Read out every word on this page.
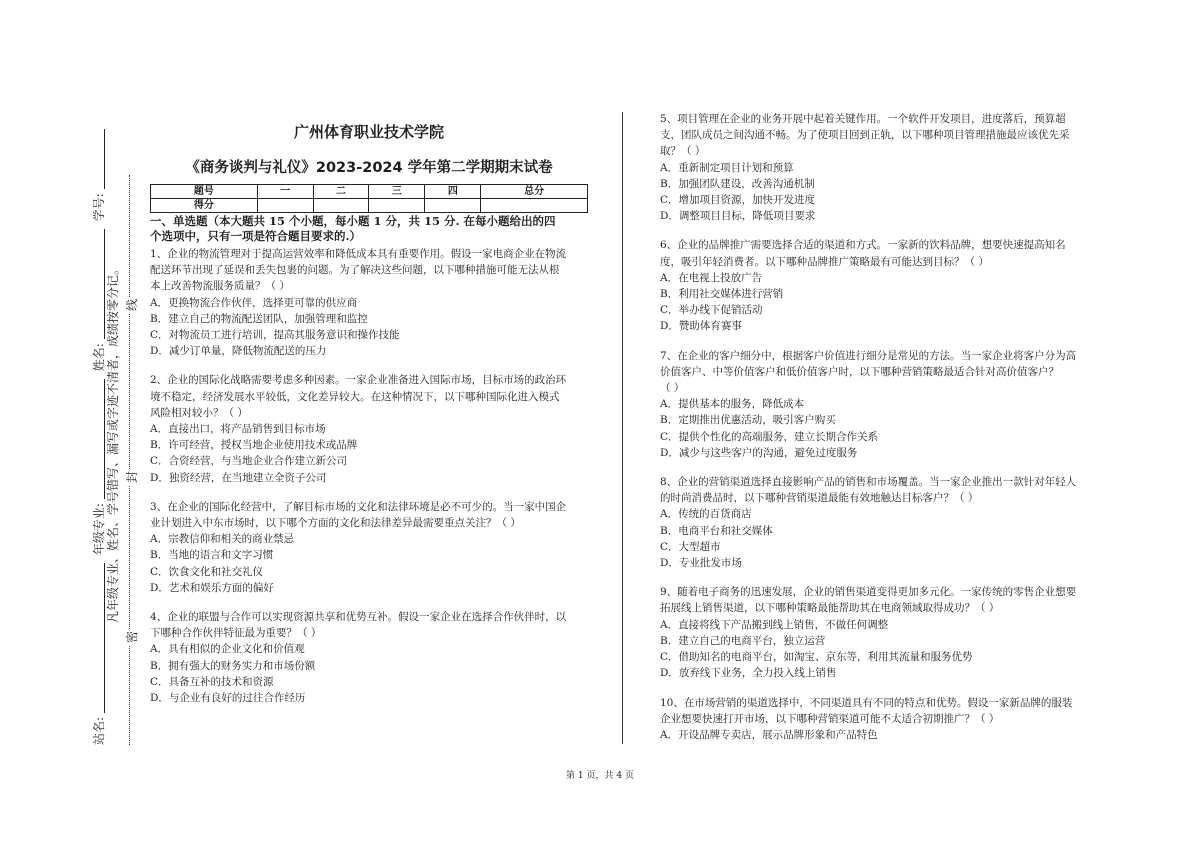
站名: 年级专业: 姓名: 学号:
凡年级专业、姓名、学号错写、漏写或字迹不清者，成绩按零分记。
密
封
线
广州体育职业技术学院
《商务谈判与礼仪》2023-2024 学年第二学期期末试卷
题号	一	二	三	四	总分
得分					
一、单选题（本大题共 15 个小题，每小题 1 分，共 15 分. 在每小题给出的四
个选项中，只有一项是符合题目要求的.）
1、企业的物流管理对于提高运营效率和降低成本具有重要作用。假设一家电商企业在物流
配送环节出现了延误和丢失包裹的问题。为了解决这些问题，以下哪种措施可能无法从根
本上改善物流服务质量？（ ）
A．更换物流合作伙伴，选择更可靠的供应商
B．建立自己的物流配送团队，加强管理和监控
C．对物流员工进行培训，提高其服务意识和操作技能
D．减少订单量，降低物流配送的压力
2、企业的国际化战略需要考虑多种因素。一家企业准备进入国际市场，目标市场的政治环
境不稳定，经济发展水平较低，文化差异较大。在这种情况下，以下哪种国际化进入模式
风险相对较小？（ ）
A．直接出口，将产品销售到目标市场
B．许可经营，授权当地企业使用技术或品牌
C．合资经营，与当地企业合作建立新公司
D．独资经营，在当地建立全资子公司
3、在企业的国际化经营中，了解目标市场的文化和法律环境是必不可少的。当一家中国企
业计划进入中东市场时，以下哪个方面的文化和法律差异最需要重点关注？（ ）
A．宗教信仰和相关的商业禁忌
B．当地的语言和文字习惯
C．饮食文化和社交礼仪
D．艺术和娱乐方面的偏好
4、企业的联盟与合作可以实现资源共享和优势互补。假设一家企业在选择合作伙伴时，以
下哪种合作伙伴特征最为重要？（ ）
A．具有相似的企业文化和价值观
B．拥有强大的财务实力和市场份额
C．具备互补的技术和资源
D．与企业有良好的过往合作经历
5、项目管理在企业的业务开展中起着关键作用。一个软件开发项目，进度落后，预算超
支，团队成员之间沟通不畅。为了使项目回到正轨，以下哪种项目管理措施最应该优先采
取？（ ）
A．重新制定项目计划和预算
B．加强团队建设，改善沟通机制
C．增加项目资源，加快开发进度
D．调整项目目标，降低项目要求
6、企业的品牌推广需要选择合适的渠道和方式。一家新的饮料品牌，想要快速提高知名
度，吸引年轻消费者。以下哪种品牌推广策略最有可能达到目标？（ ）
A．在电视上投放广告
B．利用社交媒体进行营销
C．举办线下促销活动
D．赞助体育赛事
7、在企业的客户细分中，根据客户价值进行细分是常见的方法。当一家企业将客户分为高
价值客户、中等价值客户和低价值客户时，以下哪种营销策略最适合针对高价值客户？
（ ）
A．提供基本的服务，降低成本
B．定期推出优惠活动，吸引客户购买
C．提供个性化的高端服务，建立长期合作关系
D．减少与这些客户的沟通，避免过度服务
8、企业的营销渠道选择直接影响产品的销售和市场覆盖。当一家企业推出一款针对年轻人
的时尚消费品时，以下哪种营销渠道最能有效地触达目标客户？（ ）
A．传统的百货商店
B．电商平台和社交媒体
C．大型超市
D．专业批发市场
9、随着电子商务的迅速发展，企业的销售渠道变得更加多元化。一家传统的零售企业想要
拓展线上销售渠道，以下哪种策略最能帮助其在电商领域取得成功？（ ）
A．直接将线下产品搬到线上销售，不做任何调整
B．建立自己的电商平台，独立运营
C．借助知名的电商平台，如淘宝、京东等，利用其流量和服务优势
D．放弃线下业务，全力投入线上销售
10、在市场营销的渠道选择中，不同渠道具有不同的特点和优势。假设一家新品牌的服装
企业想要快速打开市场，以下哪种营销渠道可能不太适合初期推广？（ ）
A．开设品牌专卖店，展示品牌形象和产品特色
第 1 页，共 4 页
